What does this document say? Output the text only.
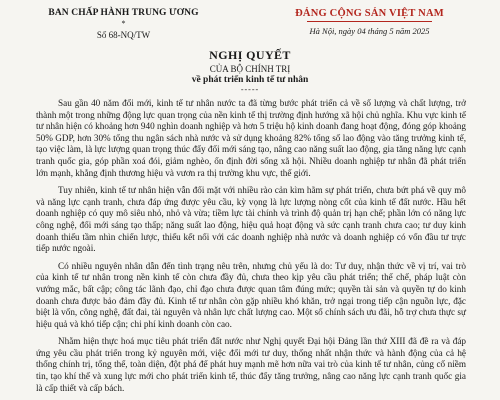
BAN CHẤP HÀNH TRUNG ƯƠNG
*
Số 68-NQ/TW
ĐẢNG CỘNG SẢN VIỆT NAM
Hà Nội, ngày 04 tháng 5 năm 2025
NGHỊ QUYẾT
CỦA BỘ CHÍNH TRỊ
về phát triển kinh tế tư nhân
-----

Sau gần 40 năm đổi mới, kinh tế tư nhân nước ta đã từng bước phát triển cả về số lượng và chất lượng, trở thành một trong những động lực quan trọng của nền kinh tế thị trường định hướng xã hội chủ nghĩa. Khu vực kinh tế tư nhân hiện có khoảng hơn 940 nghìn doanh nghiệp và hơn 5 triệu hộ kinh doanh đang hoạt động, đóng góp khoảng 50% GDP, hơn 30% tổng thu ngân sách nhà nước và sử dụng khoảng 82% tổng số lao động vào tăng trưởng kinh tế, tạo việc làm, là lực lượng quan trọng thúc đẩy đổi mới sáng tạo, nâng cao năng suất lao động, gia tăng năng lực cạnh tranh quốc gia, góp phần xoá đói, giảm nghèo, ổn định đời sống xã hội. Nhiều doanh nghiệp tư nhân đã phát triển lớn mạnh, khẳng định thương hiệu và vươn ra thị trường khu vực, thế giới.

Tuy nhiên, kinh tế tư nhân hiện vẫn đối mặt với nhiều rào cản kìm hãm sự phát triển, chưa bứt phá về quy mô và năng lực cạnh tranh, chưa đáp ứng được yêu cầu, kỳ vọng là lực lượng nòng cốt của kinh tế đất nước. Hầu hết doanh nghiệp có quy mô siêu nhỏ, nhỏ và vừa; tiềm lực tài chính và trình độ quản trị hạn chế; phần lớn có năng lực công nghệ, đổi mới sáng tạo thấp; năng suất lao động, hiệu quả hoạt động và sức cạnh tranh chưa cao; tư duy kinh doanh thiếu tầm nhìn chiến lược, thiếu kết nối với các doanh nghiệp nhà nước và doanh nghiệp có vốn đầu tư trực tiếp nước ngoài.

Có nhiều nguyên nhân dẫn đến tình trạng nêu trên, nhưng chủ yếu là do: Tư duy, nhận thức về vị trí, vai trò của kinh tế tư nhân trong nền kinh tế còn chưa đầy đủ, chưa theo kịp yêu cầu phát triển; thể chế, pháp luật còn vướng mắc, bất cập; công tác lãnh đạo, chỉ đạo chưa được quan tâm đúng mức; quyền tài sản và quyền tự do kinh doanh chưa được bảo đảm đầy đủ. Kinh tế tư nhân còn gặp nhiều khó khăn, trở ngại trong tiếp cận nguồn lực, đặc biệt là vốn, công nghệ, đất đai, tài nguyên và nhân lực chất lượng cao. Một số chính sách ưu đãi, hỗ trợ chưa thực sự hiệu quả và khó tiếp cận; chi phí kinh doanh còn cao.

Nhằm hiện thực hoá mục tiêu phát triển đất nước như Nghị quyết Đại hội Đảng lần thứ XIII đã đề ra và đáp ứng yêu cầu phát triển trong kỷ nguyên mới, việc đổi mới tư duy, thống nhất nhận thức và hành động của cả hệ thống chính trị, tổng thể, toàn diện, đột phá để phát huy mạnh mẽ hơn nữa vai trò của kinh tế tư nhân, củng cố niềm tin, tạo khí thế và xung lực mới cho phát triển kinh tế, thúc đẩy tăng trưởng, nâng cao năng lực cạnh tranh quốc gia là cấp thiết và cấp bách.
